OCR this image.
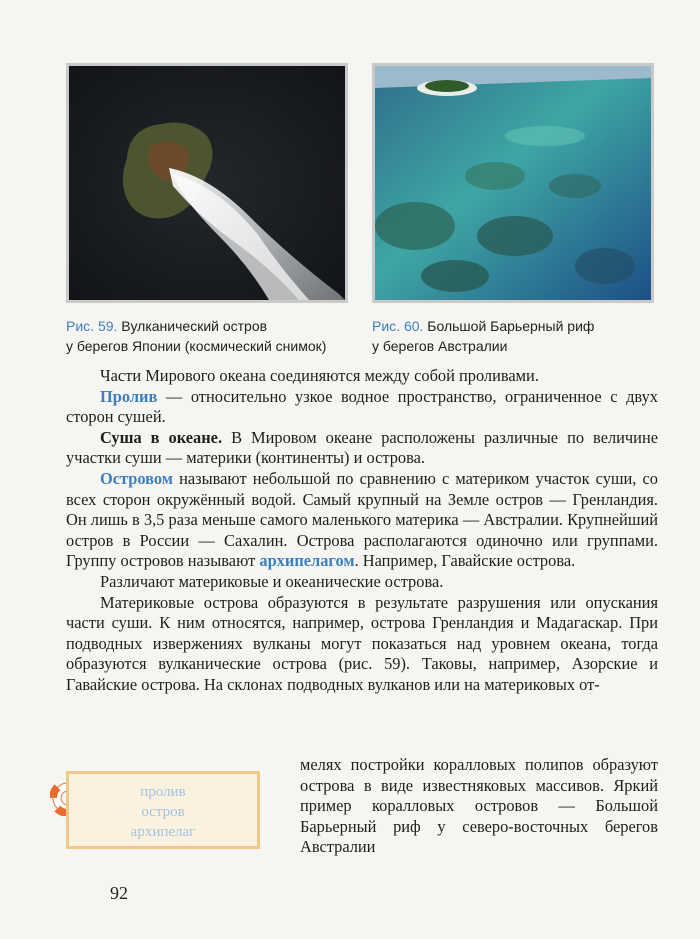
Рис. 59. Вулканический остров
у берегов Японии (космический снимок)
Рис. 60. Большой Барьерный риф
у берегов Австралии

Части Мирового океана соединяются между собой проливами.

Пролив — относительно узкое водное пространство, ограниченное с двух сторон сушей.

Суша в океане. В Мировом океане расположены различные по величине участки суши — материки (континенты) и острова.

Островом называют небольшой по сравнению с материком участок суши, со всех сторон окружённый водой. Самый крупный на Земле остров — Гренландия. Он лишь в 3,5 раза меньше самого маленького материка — Австралии. Крупнейший остров в России — Сахалин. Острова располагаются одиночно или группами. Группу островов называют архипелагом. Например, Гавайские острова.

Различают материковые и океанические острова.

Материковые острова образуются в результате разрушения или опускания части суши. К ним относятся, например, острова Гренландия и Мадагаскар. При подводных извержениях вулканы могут показаться над уровнем океана, тогда образуются вулканические острова (рис. 59). Таковы, например, Азорские и Гавайские острова. На склонах подводных вулканов или на материковых от-

мелях постройки коралловых полипов образуют острова в виде известняковых массивов. Яркий пример коралловых островов — Большой Барьерный риф у северо-восточных берегов Австралии

пролив
остров
архипелаг
92
